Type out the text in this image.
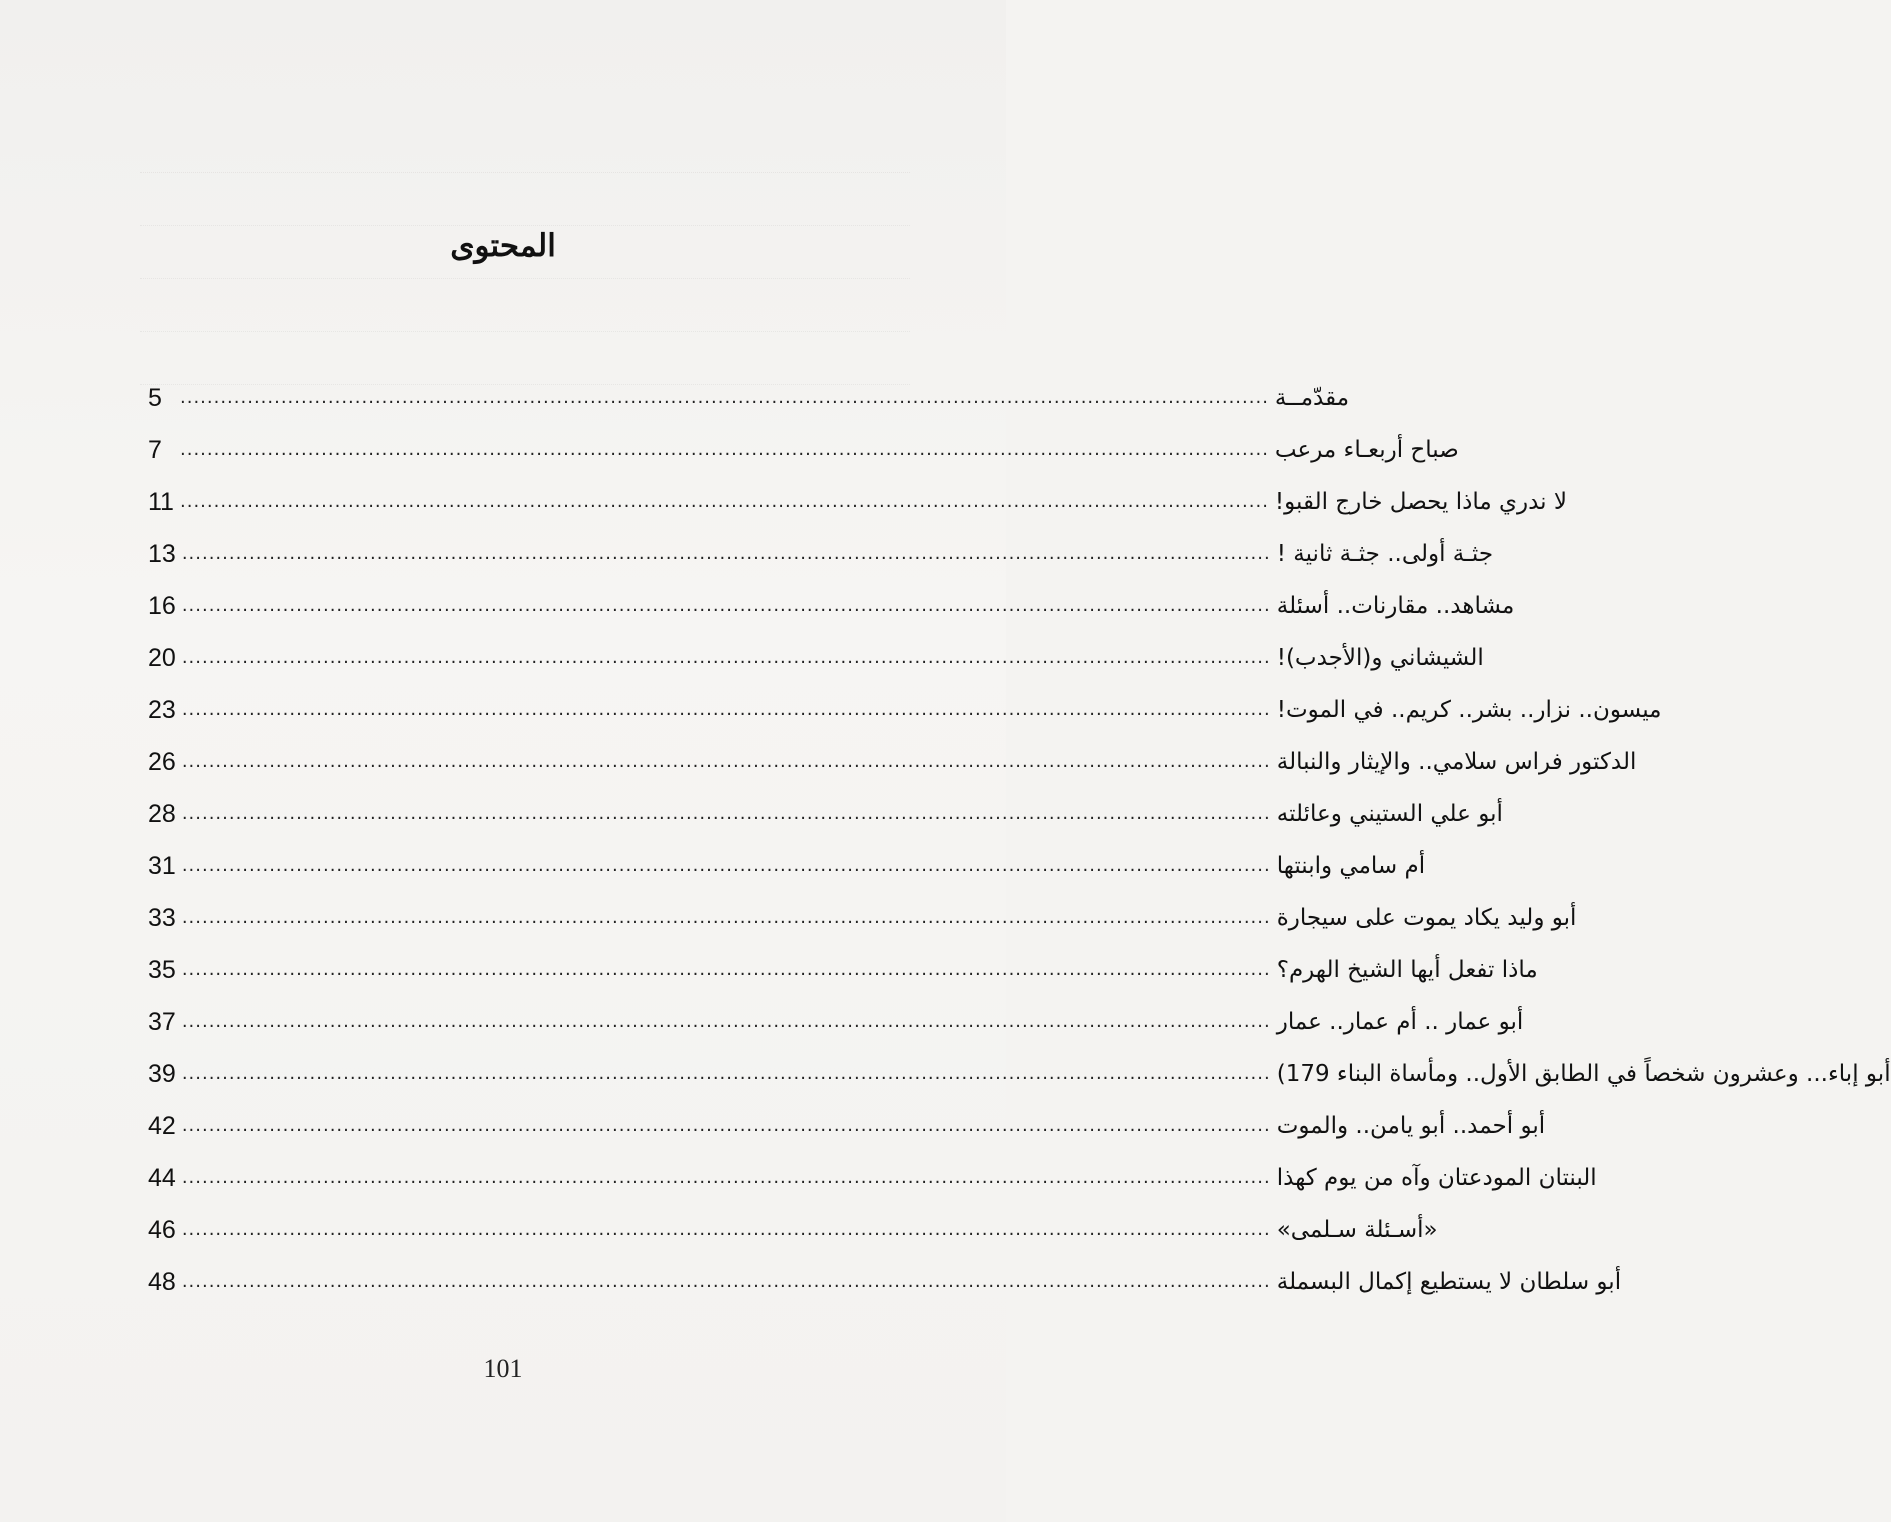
المحتوى
5	.................................................................................................................................................................. مقدّمــة
7	.................................................................................................................................................................. صباح أربعـاء مرعب
11 .................................................................................................................................................................. لا ندري ماذا يحصل خارج القبو!
13 .................................................................................................................................................................. جثـة أولى.. جثـة ثانية !
16 .................................................................................................................................................................. مشاهد.. مقارنات.. أسئلة
20 .................................................................................................................................................................. الشيشاني و(الأجدب)!
23 .................................................................................................................................................................. ميسون.. نزار.. بشر.. كريم.. في الموت!
26 .................................................................................................................................................................. الدكتور فراس سلامي.. والإيثار والنبالة
28 .................................................................................................................................................................. أبو علي الستيني وعائلته
31 .................................................................................................................................................................. أم سامي وابنتها
33 .................................................................................................................................................................. أبو وليد يكاد يموت على سيجارة
35 .................................................................................................................................................................. ماذا تفعل أيها الشيخ الهرم؟
37 .................................................................................................................................................................. أبو عمار .. أم عمار.. عمار
39 .................................................................................................................................................................. أبو إباء... وعشرون شخصاً في الطابق الأول.. ومأساة البناء 179)
42 .................................................................................................................................................................. أبو أحمد.. أبو يامن.. والموت
44 .................................................................................................................................................................. البنتان المودعتان وآه من يوم كهذا
46 .................................................................................................................................................................. «أسـئلة سـلمى»
48 .................................................................................................................................................................. أبو سلطان لا يستطيع إكمال البسملة
101
